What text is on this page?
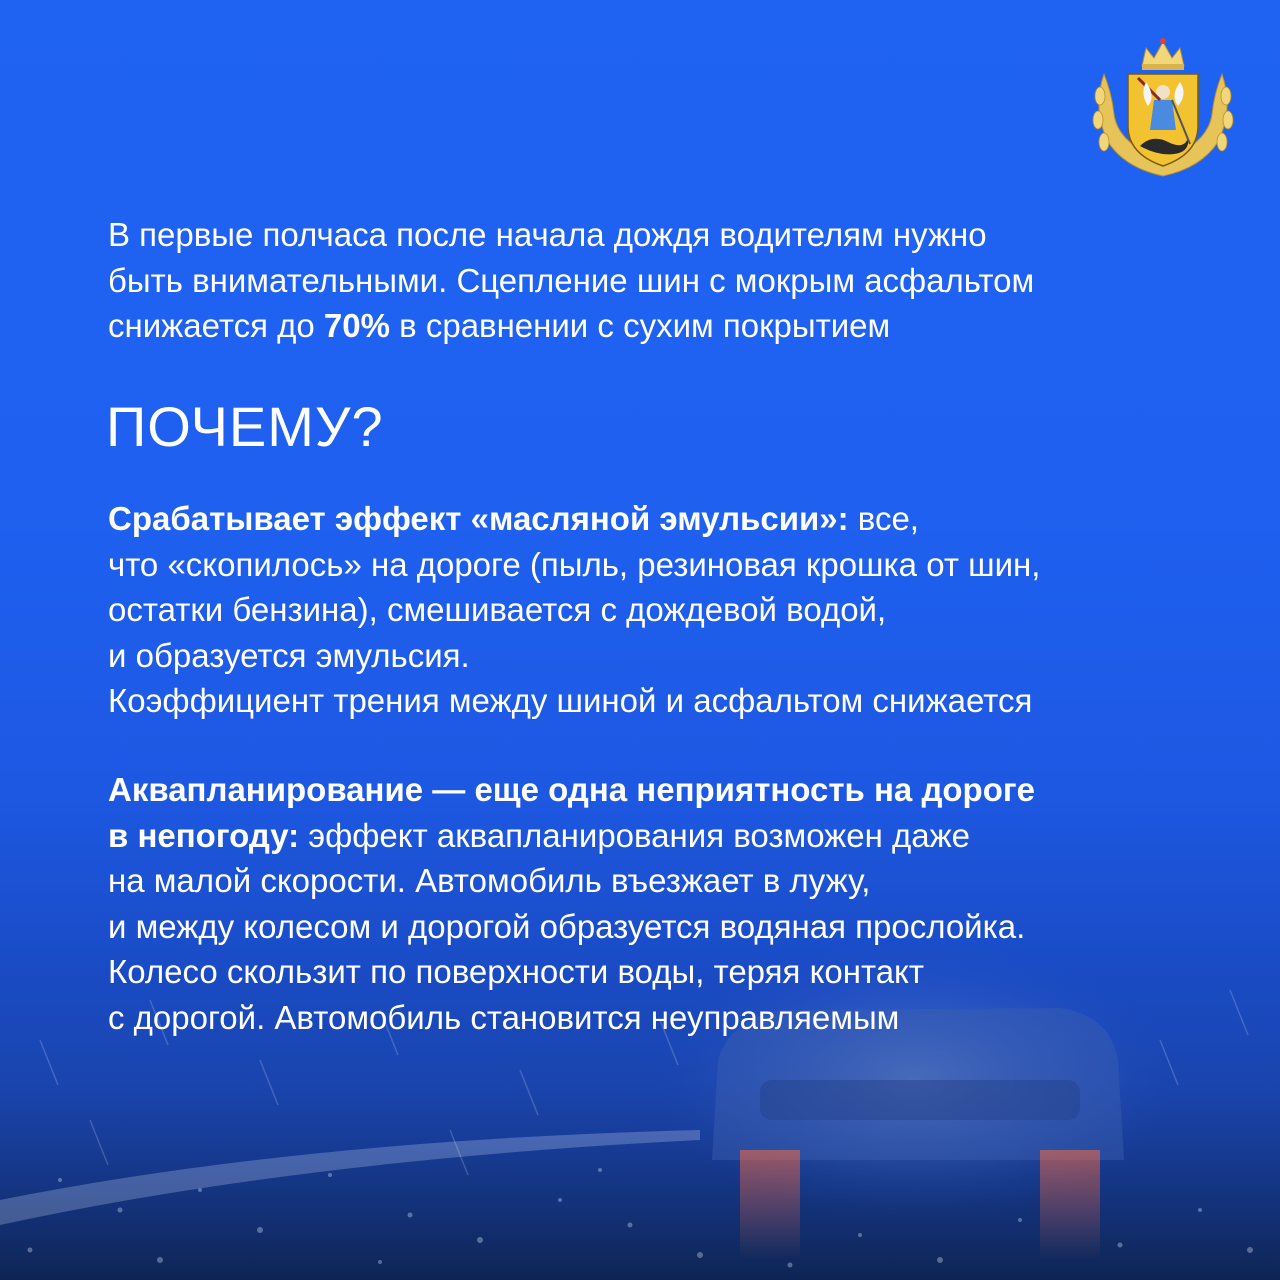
В первые полчаса после начала дождя водителям нужно
быть внимательными. Сцепление шин с мокрым асфальтом
снижается до 70% в сравнении с сухим покрытием
ПОЧЕМУ?
Срабатывает эффект «масляной эмульсии»: все,
что «скопилось» на дороге (пыль, резиновая крошка от шин,
остатки бензина), смешивается с дождевой водой,
и образуется эмульсия.
Коэффициент трения между шиной и асфальтом снижается
Аквапланирование — еще одна неприятность на дороге
в непогоду: эффект аквапланирования возможен даже
на малой скорости. Автомобиль въезжает в лужу,
и между колесом и дорогой образуется водяная прослойка.
Колесо скользит по поверхности воды, теряя контакт
с дорогой. Автомобиль становится неуправляемым
